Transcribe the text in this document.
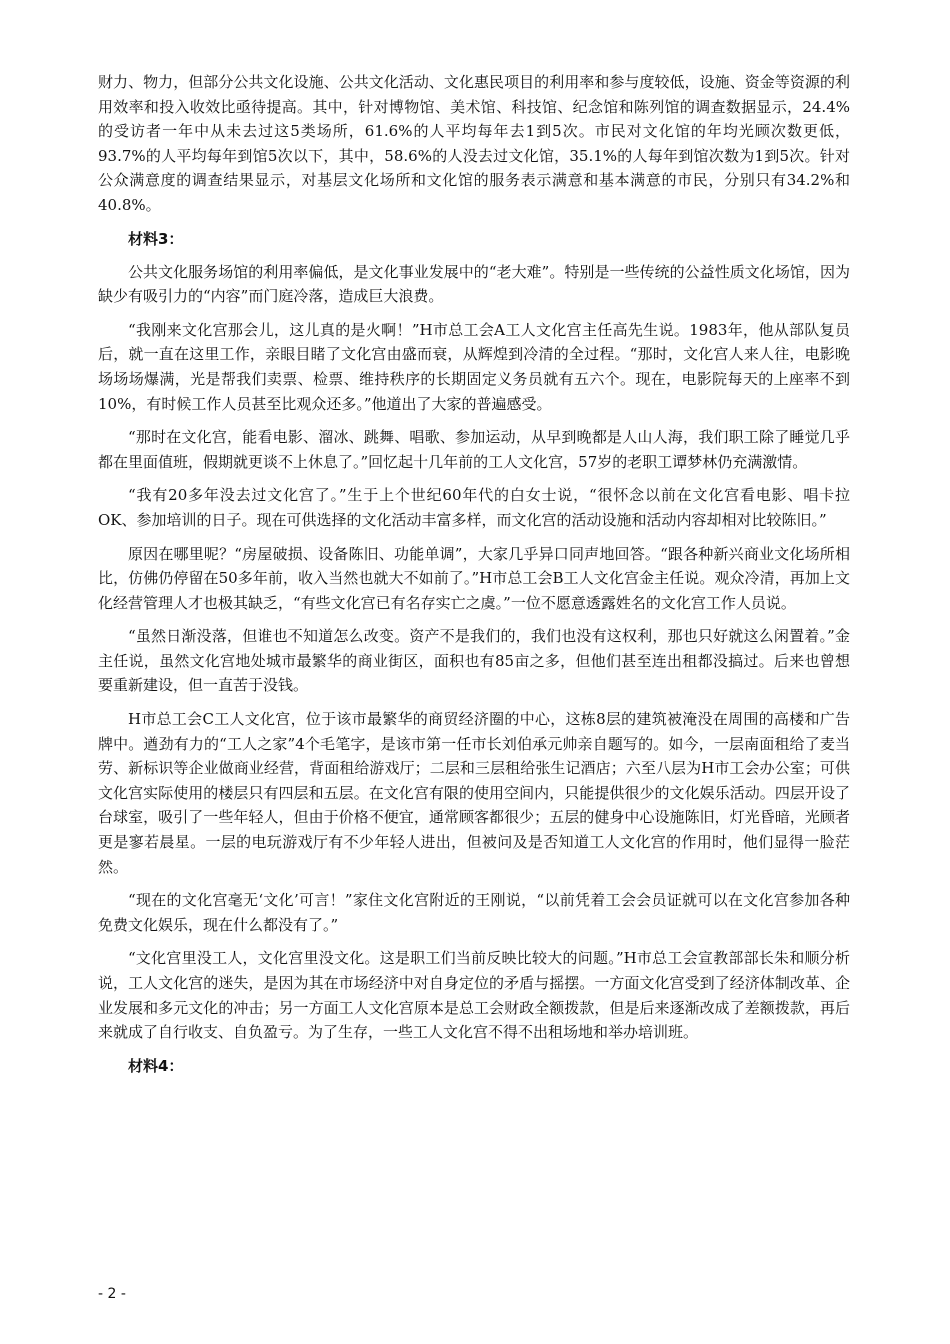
财力、物力，但部分公共文化设施、公共文化活动、文化惠民项目的利用率和参与度较低，设施、资金等资源的利用效率和投入收效比亟待提高。其中，针对博物馆、美术馆、科技馆、纪念馆和陈列馆的调查数据显示，24.4%的受访者一年中从未去过这5类场所，61.6%的人平均每年去1到5次。市民对文化馆的年均光顾次数更低，93.7%的人平均每年到馆5次以下，其中，58.6%的人没去过文化馆，35.1%的人每年到馆次数为1到5次。针对公众满意度的调查结果显示，对基层文化场所和文化馆的服务表示满意和基本满意的市民，分别只有34.2%和40.8%。

材料3：

公共文化服务场馆的利用率偏低，是文化事业发展中的“老大难”。特别是一些传统的公益性质文化场馆，因为缺少有吸引力的“内容”而门庭冷落，造成巨大浪费。

“我刚来文化宫那会儿，这儿真的是火啊！”H市总工会A工人文化宫主任高先生说。1983年，他从部队复员后，就一直在这里工作，亲眼目睹了文化宫由盛而衰，从辉煌到冷清的全过程。“那时，文化宫人来人往，电影晚场场场爆满，光是帮我们卖票、检票、维持秩序的长期固定义务员就有五六个。现在，电影院每天的上座率不到10%，有时候工作人员甚至比观众还多。”他道出了大家的普遍感受。

“那时在文化宫，能看电影、溜冰、跳舞、唱歌、参加运动，从早到晚都是人山人海，我们职工除了睡觉几乎都在里面值班，假期就更谈不上休息了。”回忆起十几年前的工人文化宫，57岁的老职工谭梦林仍充满激情。

“我有20多年没去过文化宫了。”生于上个世纪60年代的白女士说，“很怀念以前在文化宫看电影、唱卡拉OK、参加培训的日子。现在可供选择的文化活动丰富多样，而文化宫的活动设施和活动内容却相对比较陈旧。”

原因在哪里呢？“房屋破损、设备陈旧、功能单调”，大家几乎异口同声地回答。“跟各种新兴商业文化场所相比，仿佛仍停留在50多年前，收入当然也就大不如前了。”H市总工会B工人文化宫金主任说。观众冷清，再加上文化经营管理人才也极其缺乏，“有些文化宫已有名存实亡之虞。”一位不愿意透露姓名的文化宫工作人员说。

“虽然日渐没落，但谁也不知道怎么改变。资产不是我们的，我们也没有这权利，那也只好就这么闲置着。”金主任说，虽然文化宫地处城市最繁华的商业街区，面积也有85亩之多，但他们甚至连出租都没搞过。后来也曾想要重新建设，但一直苦于没钱。

H市总工会C工人文化宫，位于该市最繁华的商贸经济圈的中心，这栋8层的建筑被淹没在周围的高楼和广告牌中。遒劲有力的“工人之家”4个毛笔字，是该市第一任市长刘伯承元帅亲自题写的。如今，一层南面租给了麦当劳、新标识等企业做商业经营，背面租给游戏厅；二层和三层租给张生记酒店；六至八层为H市工会办公室；可供文化宫实际使用的楼层只有四层和五层。在文化宫有限的使用空间内，只能提供很少的文化娱乐活动。四层开设了台球室，吸引了一些年轻人，但由于价格不便宜，通常顾客都很少；五层的健身中心设施陈旧，灯光昏暗，光顾者更是寥若晨星。一层的电玩游戏厅有不少年轻人进出，但被问及是否知道工人文化宫的作用时，他们显得一脸茫然。

“现在的文化宫毫无‘文化’可言！”家住文化宫附近的王刚说，“以前凭着工会会员证就可以在文化宫参加各种免费文化娱乐，现在什么都没有了。”

“文化宫里没工人，文化宫里没文化。这是职工们当前反映比较大的问题。”H市总工会宣教部部长朱和顺分析说，工人文化宫的迷失，是因为其在市场经济中对自身定位的矛盾与摇摆。一方面文化宫受到了经济体制改革、企业发展和多元文化的冲击；另一方面工人文化宫原本是总工会财政全额拨款，但是后来逐渐改成了差额拨款，再后来就成了自行收支、自负盈亏。为了生存，一些工人文化宫不得不出租场地和举办培训班。

材料4：
- 2 -
